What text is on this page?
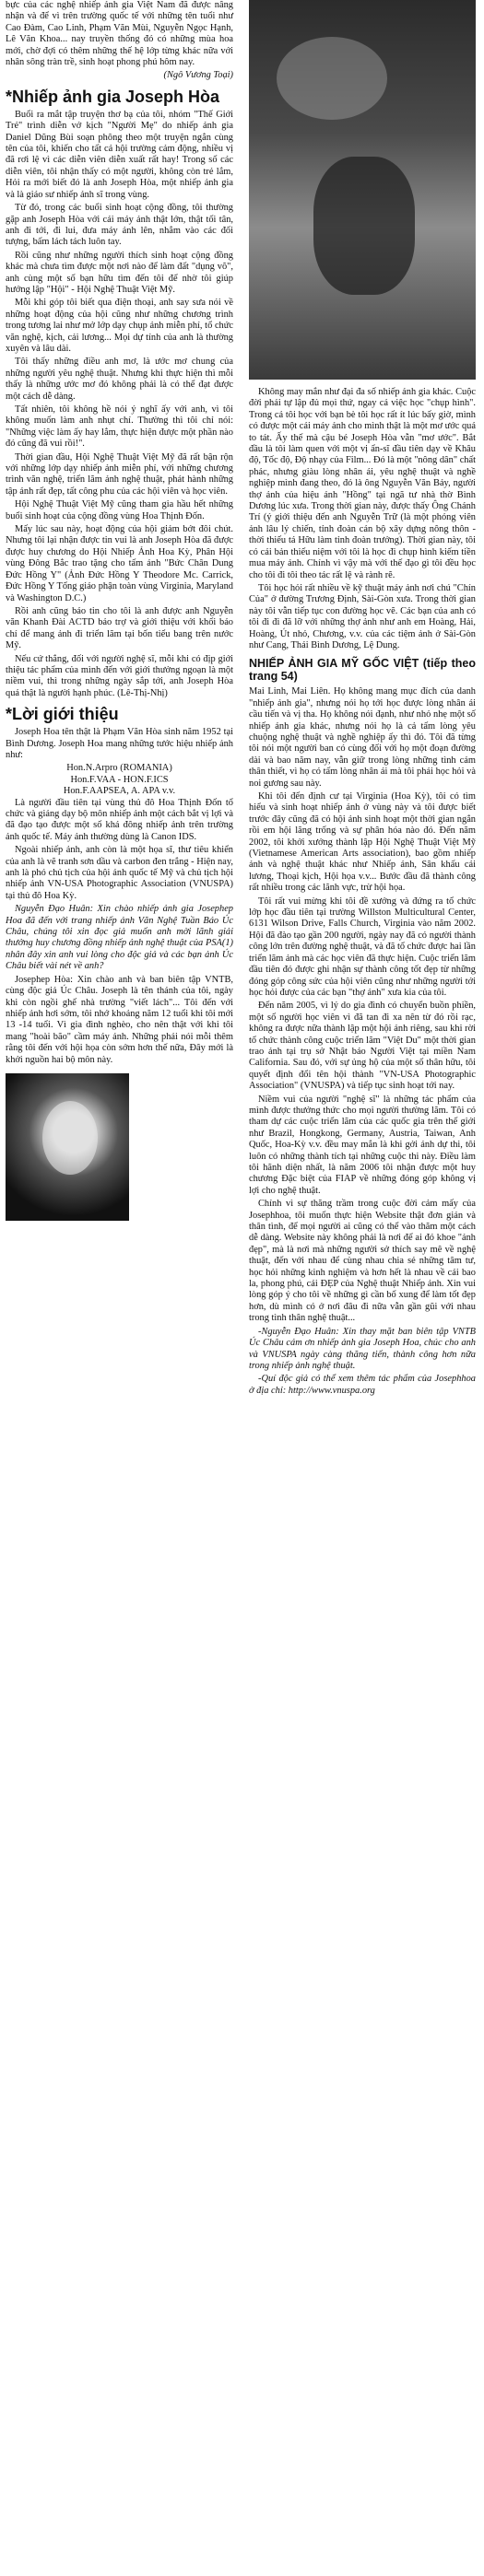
bực của các nghệ nhiếp ảnh gia Việt Nam đã được nâng nhận và để vì trên trường quốc tế với những tên tuổi như Cao Đàm, Cao Linh, Phạm Văn Mùi, Nguyễn Ngọc Hạnh, Lê Văn Khoa... nay truyền thống đó có những mùa hoa mới, chờ đợi có thêm những thế hệ lớp từng khác nữa với nhân sông tràn trề, sinh hoạt phong phú hôm nay.

(Ngô Vương Toại)

*Nhiếp ảnh gia Joseph Hòa

Buổi ra mắt tập truyện thơ bạ của tôi, nhóm "Thế Giới Trẻ" trình diễn vở kịch "Người Mẹ" do nhiếp ảnh gia Daniel Dũng Bùi soạn phông theo một truyện ngắn cùng tên của tôi, khiến cho tất cả hội trường cảm động, nhiều vị đã rơi lệ vì các diễn viên diễn xuất rất hay! Trong số các diễn viên, tôi nhận thấy có một người, không còn trẻ lắm, Hỏi ra mới biết đó là anh Joseph Hòa, một nhiếp ảnh gia và là giáo sư nhiếp ảnh sĩ trong vùng.

Từ đó, trong các buổi sinh hoạt cộng đồng, tôi thường gặp anh Joseph Hòa với cái máy ảnh thật lớn, thật tối tân, anh đi tới, đi lui, đưa máy ảnh lên, nhắm vào các đối tượng, bấm lách tách luôn tay.

Rồi cũng như những người thích sinh hoạt cộng đồng khác mà chưa tìm được một nơi nào để làm đất "dụng võ", anh cùng một số bạn hữu tìm đến tôi để nhờ tôi giúp hướng lập "Hội" - Hội Nghệ Thuật Việt Mỹ.

Mỗi khi góp tôi biết qua điện thoại, anh say sưa nói về những hoạt động của hội cũng như những chương trình trong tương lai như mở lớp dạy chụp ảnh miễn phí, tổ chức văn nghệ, kịch, cải lương... Mọi dự tính của anh là thường xuyên và lâu dài.

Tôi thấy những điều anh mơ, là ước mơ chung của những người yêu nghệ thuật. Nhưng khi thực hiện thì mỗi thấy là những ước mơ đó không phải là có thể đạt được một cách dễ dàng.

Tất nhiên, tôi không hề nói ý nghĩ ấy với anh, vì tôi không muốn làm anh nhụt chí. Thường thì tôi chỉ nói: "Những việc làm ấy hay lắm, thực hiện được một phần nào đó cũng đã vui rồi!".

Thời gian đầu, Hội Nghệ Thuật Việt Mỹ đã rất bận rộn với những lớp dạy nhiếp ảnh miễn phí, với những chương trình văn nghệ, triển lãm ảnh nghệ thuật, phát hành những tập ảnh rất đẹp, tất công phu của các hội viên và học viên.

Hội Nghệ Thuật Việt Mỹ cũng tham gia hầu hết những buổi sinh hoạt của cộng đồng vùng Hoa Thịnh Đốn.

Mấy lúc sau này, hoạt động của hội giảm bớt đôi chút. Nhưng tôi lại nhận được tin vui là anh Joseph Hòa đã được được huy chương do Hội Nhiếp Ảnh Hoa Kỳ, Phân Hội vùng Đông Bắc trao tặng cho tấm ảnh "Bức Chân Dung Đức Hồng Y" (Ảnh Đức Hồng Y Theodore Mc. Carrick, Đức Hồng Y Tổng giáo phận toàn vùng Virginia, Maryland và Washington D.C.)

Rồi anh cũng báo tin cho tôi là anh được anh Nguyễn văn Khanh Đài ACTD bảo trợ và giới thiệu với khối báo chí để mang ảnh đi triển lãm tại bốn tiểu bang trên nước Mỹ.

Nếu cứ thắng, đối với người nghệ sĩ, mỗi khi có địp giới thiệu tác phẩm của mình đến với giới thưởng ngoạn là một niềm vui, thì trong những ngày sắp tới, anh Joseph Hòa quả thật là người hạnh phúc. (Lê-Thị-Nhị)

*Lời giới thiệu

Joseph Hoa tên thật là Phạm Văn Hòa sinh năm 1952 tại Bình Dương. Joseph Hoa mang những tước hiệu nhiếp ảnh như:

Hon.N.Arpro (ROMANIA)

Hon.F.VAA - HON.F.ICS

Hon.F.AAPSEA, A. APA v.v.

Là người đầu tiên tại vùng thủ đô Hoa Thịnh Đốn tổ chức và giảng dạy bộ môn nhiếp ảnh một cách bắt vị lợi và đã đạo tạo được một số khá đông nhiếp ảnh trên trường ảnh quốc tế. Máy ảnh thường dùng là Canon IDS.

Ngoài nhiếp ảnh, anh còn là một họa sĩ, thư tiêu khiển của anh là vẽ tranh sơn dầu và carbon đen trắng - Hiện nay, anh là phó chủ tịch của hội ảnh quốc tế Mỹ và chủ tịch hội nhiếp ảnh VN-USA Photographic Association (VNUSPA) tại thủ đô Hoa Kỳ.

Nguyễn Đạo Huân: Xin chào nhiếp ảnh gia Josephep Hoa đã đến với trang nhiếp ảnh Văn Nghệ Tuần Báo Úc Châu, chúng tôi xin đọc giả muốn anh mời lãnh giải thưởng huy chương đồng nhiếp ảnh nghệ thuật của PSA(1) nhân đây xin anh vui lòng cho độc giả và các bạn ảnh Úc Châu biết vài nét về anh?

Josephep Hòa: Xin chào anh và ban biên tập VNTB, cùng độc giả Úc Châu. Joseph là tên thánh của tôi, ngày khi còn ngồi ghế nhà trường "viết lách"... Tôi đến với nhiếp ảnh hơi sớm, tôi nhớ khoảng năm 12 tuổi khi tôi mới 13 -14 tuổi. Vì gia đình nghèo, cho nên thật với khi tôi mang "hoài bão" cầm máy ảnh. Những phải nói mỗi thêm rằng tôi đến với hội họa còn sớm hơn thế nữa, Đây mới là khởi nguồn hai bộ môn này.

Không may mắn như đại đa số nhiếp ảnh gia khác. Cuộc đời phải tự lập đủ mọi thứ, ngay cả việc học "chụp hình". Trong cả tôi học với bạn bè tôi học rất ít lúc bấy giờ, mình có được một cái máy ảnh cho mình thật là một mơ ước quá to tát. Ấy thế mà cậu bé Joseph Hòa vẫn "mơ ước". Bắt đầu là tôi làm quen với một vị ẩn-sĩ đầu tiên dạy về Khâu độ, Tốc độ, Độ nhạy của Film... Đó là một "nông dân" chất phác, nhưng giàu lòng nhân ái, yêu nghệ thuật và nghề nghiệp mình đang theo, đó là ông Nguyễn Văn Bảy, người thợ ảnh của hiệu ảnh "Hồng" tại ngã tư nhà thờ Bình Dương lúc xưa. Trong thời gian này, được thấy Ông Chánh Trí (ý giới thiệu đến anh Nguyễn Trữ (là một phóng viên ảnh lâu lý chiến, tỉnh đoàn cán bộ xây dựng nông thôn - thời thiếu tá Hữu làm tỉnh đoàn trưởng). Thời gian này, tôi có cái bản thiếu niệm với tôi là học đi chụp hình kiếm tiền mua máy ảnh. Chính vì vậy mà với thế đạo gì tôi đều học cho tôi đi tôi theo tác rất lệ và rành rẽ.

Tôi học hỏi rất nhiều về kỹ thuật máy ảnh nơi chú "Chín Của" ở đường Trương Định, Sài-Gòn xưa. Trong thời gian này tôi vẫn tiếp tục con đường học vẽ. Các bạn của anh có tôi đi đi đã lỡ với những thợ ảnh như anh em Hoàng, Hải, Hoàng, Út nhỏ, Chương, v.v. của các tiệm ảnh ở Sài-Gòn như Cang, Thái Bình Dương, Lệ Dung.

NHIẾP ẢNH GIA MỸ GỐC VIỆT (tiếp theo trang 54)

Mai Linh, Mai Liên. Họ không mang mục đích của danh "nhiếp ảnh gia", nhưng nói họ tới học được lòng nhân ái cầu tiến và vị tha. Họ không nói đạnh, như nhỏ nhẹ một số nhiếp ảnh gia khác, nhưng nói họ là cả tấm lòng yêu chuộng nghệ thuật và nghề nghiệp ấy thì đó. Tôi đã từng tôi nói một người ban có cùng đối với họ một đoạn đường dài và bao năm nay, vẫn giữ trong lòng những tình cảm thân thiết, vì họ có tấm lòng nhân ái mà tôi phải học hỏi và noi gương sau này.

Khi tôi đến định cư tại Virginia (Hoa Kỳ), tôi có tìm hiểu và sinh hoạt nhiếp ảnh ở vùng này và tôi được biết trước đây cũng đã có hội ảnh sinh hoạt một thời gian ngắn rồi em hội lãng trống và sự phân hóa nào đó. Đến năm 2002, tôi khởi xướng thành lập Hội Nghệ Thuật Việt Mỹ (Vietnamese American Arts association), bao gồm nhiếp ảnh và nghệ thuật khác như Nhiếp ảnh, Sân khấu cải lương, Thoại kịch, Hội họa v.v... Bước đầu đã thành công rất nhiều trong các lãnh vực, trừ hội họa.

Tôi rất vui mừng khi tôi đề xướng và đứng ra tổ chức lớp học đầu tiên tại trường Willston Multicultural Center, 6131 Wilson Drive, Falls Church, Virginia vào năm 2002. Hội đã đào tạo gần 200 người, ngày nay đã có người thành công lớn trên đường nghệ thuật, và đã tổ chức được hai lần triển lãm ảnh mà các học viên đã thực hiện. Cuộc triển lãm đầu tiên đó được ghi nhận sự thành công tốt đẹp từ những đóng góp công sức của hội viên cũng như những người tới học hỏi được của các bạn "thợ ảnh" xưa kia của tôi.

Đến năm 2005, vì lý do gia đình có chuyển buồn phiền, một số người học viên vì đã tan đi xa nên từ đó rồi rạc, không ra được nữa thành lập một hội ảnh riêng, sau khi rời tổ chức thành công cuộc triển lãm "Việt Du" một thời gian trao ảnh tại trụ sở Nhật báo Người Việt tại miền Nam California. Sau đó, với sự ủng hộ của một số thân hữu, tôi quyết định đổi tên hội thành "VN-USA Photographic Association" (VNUSPA) và tiếp tục sinh hoạt tới nay.

Niềm vui của người "nghệ sĩ" là những tác phẩm của mình được thưởng thức cho mọi người thường lãm. Tôi có tham dự các cuộc triển lãm của các quốc gia trên thế giới như Brazil, Hongkong, Germany, Austria, Taiwan, Anh Quốc, Hoa-Kỳ v.v. đều may mắn là khi gởi ảnh dự thi, tôi luôn có những thành tích tại những cuộc thi này. Điều làm tôi hãnh diện nhất, là năm 2006 tôi nhận được một huy chương Đặc biệt của FIAP về những đóng góp không vị lợi cho nghệ thuật.

Chính vì sự thăng trầm trong cuộc đời cảm mấy của Josephhoa, tôi muốn thực hiện Website thật đơn giản và thân tình, để mọi người ai cũng có thể vào thăm một cách dễ dàng. Website này không phải là nơi để ai đó khoe "ảnh đẹp", mà là nơi mà những người sở thích say mê về nghệ thuật, đến với nhau để cùng nhau chia sẻ những tâm tư, học hỏi những kinh nghiệm và hơn hết là nhau về cái bao la, phong phú, cái ĐẸP của Nghệ thuật Nhiếp ảnh. Xin vui lòng góp ý cho tôi về những gì cần bố xung để làm tốt đẹp hơn, dù mình có ở nơi đâu đi nữa vẫn gần gũi với nhau trong tình thân nghệ thuật...

-Nguyễn Đạo Huân: Xin thay mặt ban biên tập VNTB Úc Châu cám ơn nhiếp ảnh gia Joseph Hoa, chúc cho anh và VNUSPA ngày càng thăng tiến, thành công hơn nữa trong nhiếp ảnh nghệ thuật.

-Quí độc giả có thể xem thêm tác phẩm của Josephhoa ở địa chỉ: http://www.vnuspa.org
